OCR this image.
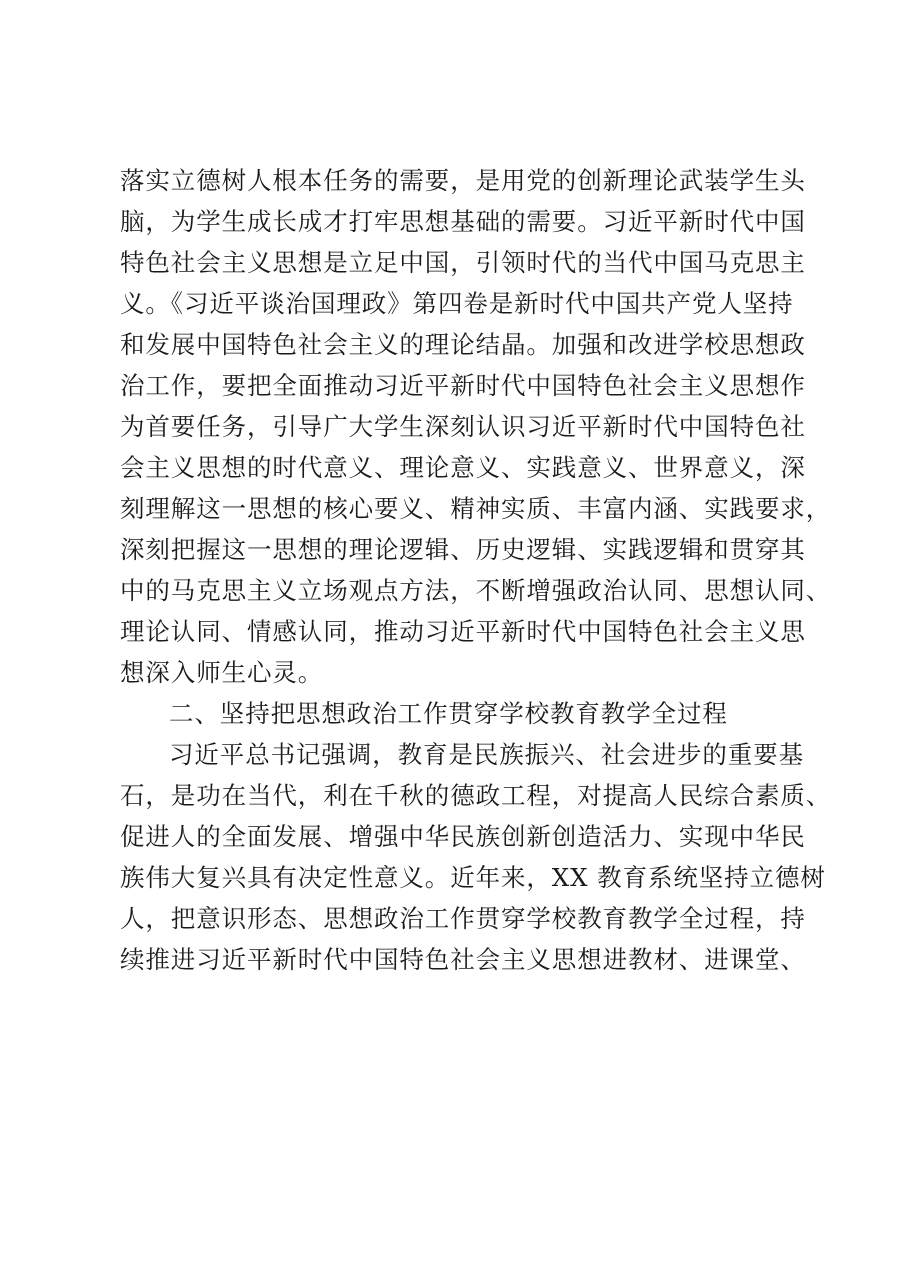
落实立德树人根本任务的需要，是用党的创新理论武装学生头
脑，为学生成长成才打牢思想基础的需要。习近平新时代中国
特色社会主义思想是立足中国，引领时代的当代中国马克思主
义。《习近平谈治国理政》第四卷是新时代中国共产党人坚持
和发展中国特色社会主义的理论结晶。加强和改进学校思想政
治工作，要把全面推动习近平新时代中国特色社会主义思想作
为首要任务，引导广大学生深刻认识习近平新时代中国特色社
会主义思想的时代意义、理论意义、实践意义、世界意义，深
刻理解这一思想的核心要义、精神实质、丰富内涵、实践要求，
深刻把握这一思想的理论逻辑、历史逻辑、实践逻辑和贯穿其
中的马克思主义立场观点方法，不断增强政治认同、思想认同、
理论认同、情感认同，推动习近平新时代中国特色社会主义思
想深入师生心灵。
二、坚持把思想政治工作贯穿学校教育教学全过程
习近平总书记强调，教育是民族振兴、社会进步的重要基
石，是功在当代，利在千秋的德政工程，对提高人民综合素质、
促进人的全面发展、增强中华民族创新创造活力、实现中华民
族伟大复兴具有决定性意义。近年来，XX 教育系统坚持立德树
人，把意识形态、思想政治工作贯穿学校教育教学全过程，持
续推进习近平新时代中国特色社会主义思想进教材、进课堂、
